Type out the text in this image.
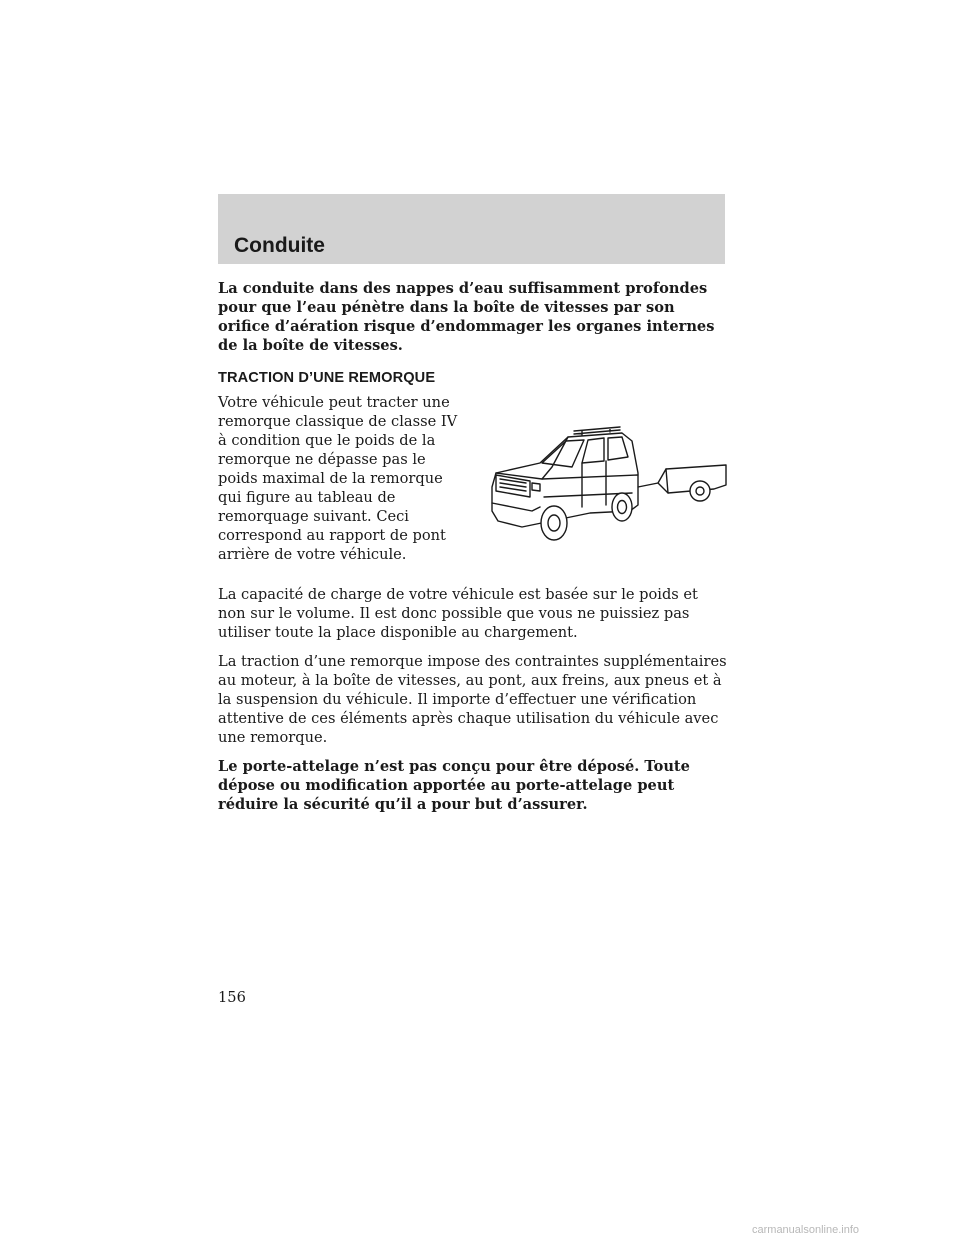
Conduite

La conduite dans des nappes d’eau suffisamment profondes pour que l’eau pénètre dans la boîte de vitesses par son orifice d’aération risque d’endommager les organes internes de la boîte de vitesses.

TRACTION D’UNE REMORQUE

Votre véhicule peut tracter une remorque classique de classe IV à condition que le poids de la remorque ne dépasse pas le poids maximal de la remorque qui figure au tableau de remorquage suivant. Ceci correspond au rapport de pont arrière de votre véhicule.

La capacité de charge de votre véhicule est basée sur le poids et non sur le volume. Il est donc possible que vous ne puissiez pas utiliser toute la place disponible au chargement.

La traction d’une remorque impose des contraintes supplémentaires au moteur, à la boîte de vitesses, au pont, aux freins, aux pneus et à la suspension du véhicule. Il importe d’effectuer une vérification attentive de ces éléments après chaque utilisation du véhicule avec une remorque.

Le porte-attelage n’est pas conçu pour être déposé. Toute dépose ou modification apportée au porte-attelage peut réduire la sécurité qu’il a pour but d’assurer.

156
carmanualsonline.info
